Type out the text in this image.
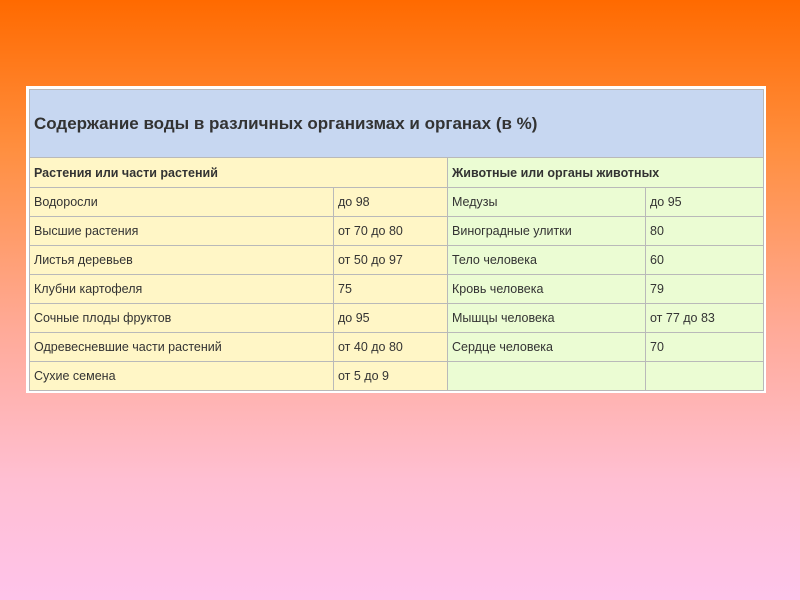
Содержание воды в различных организмах и органах (в %)			
Растения или части растений		Животные или органы животных	
Водоросли	до 98	Медузы	до 95
Высшие растения	от 70 до 80	Виноградные улитки	80
Листья деревьев	от 50 до 97	Тело человека	60
Клубни картофеля	75	Кровь человека	79
Сочные плоды фруктов	до 95	Мышцы человека	от 77 до 83
Одревесневшие части растений	от 40 до 80	Сердце человека	70
Сухие семена	от 5 до 9		
